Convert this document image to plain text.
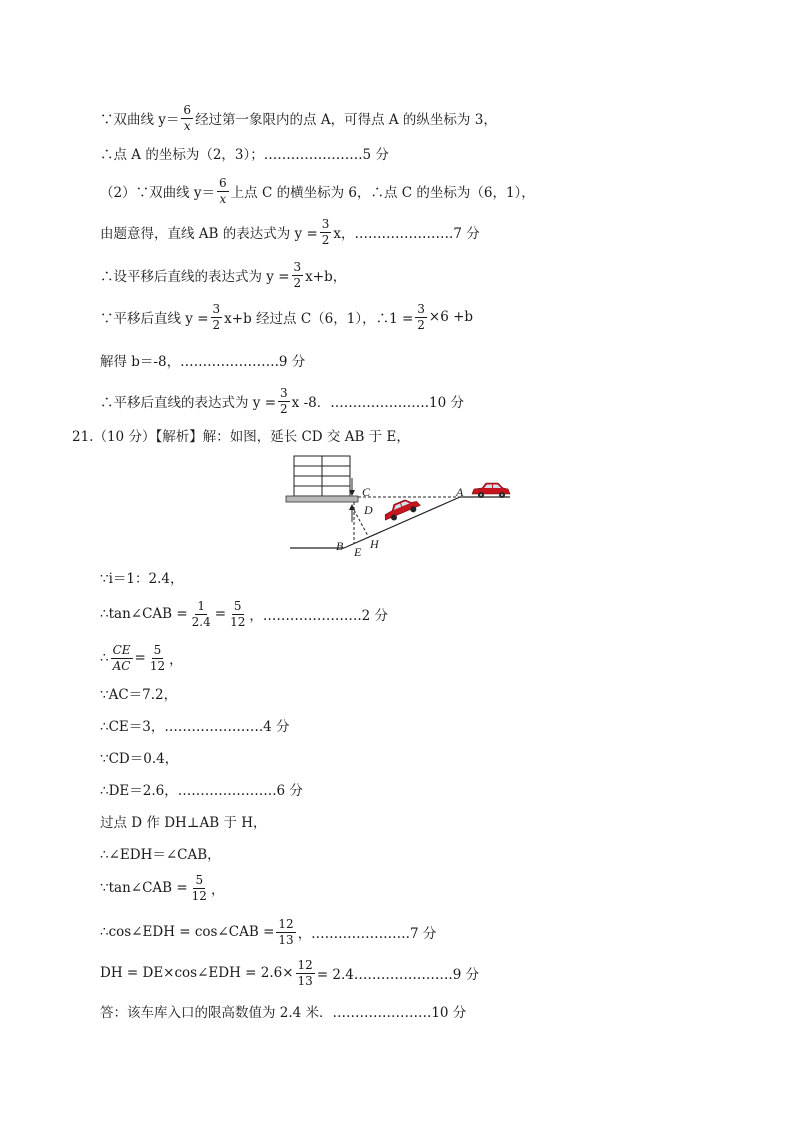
∵双曲线 $y= \frac{6}{x}$ 经过第一象限内的点 A，可得点 A 的纵坐标为 3，
∴点 A 的坐标为（2，3）；………………….5 分
（2）∵双曲线 $y= \frac{6}{x}$ 上点 C 的横坐标为 6，∴点 C 的坐标为（6，1），
由题意得，直线 AB 的表达式为 $y = \frac{3}{2}$ x，………………….7 分
∴设平移后直线的表达式为 $y = \frac{3}{2} x+b$，
∵平移后直线 $y = \frac{3}{2} x+b$ 经过点 C（6，1），∴1 = $\frac{3}{2} \times 6 +b$
解得 b＝-8，………………….9 分
∴平移后直线的表达式为 $y = \frac{3}{2}$ x -8．………………….10 分
21.（10 分）【解析】解：如图，延长 CD 交 AB 于 E，
C	A
D
B H
E
∵i＝1：2.4，
∴tan∠CAB = $\frac{1}{2.4} = \frac{5}{12}$ ，………………….2 分
∴ $\frac{CE}{AC} = \frac{5}{12}$ ，
∵AC＝7.2，
∴CE＝3，………………….4 分
∵CD＝0.4，
∴DE＝2.6，………………….6 分
过点 D 作 DH⊥AB 于 H，
∴∠EDH＝∠CAB，
∵tan∠CAB = $\frac{5}{12}$ ，
∴cos∠EDH = cos∠CAB = $\frac{12}{13}$ ，………………….7 分
DH = DE×cos∠EDH = $2.6\times \frac{12}{13}$ = 2.4………………….9 分
答：该车库入口的限高数值为 2.4 米．………………….10 分
